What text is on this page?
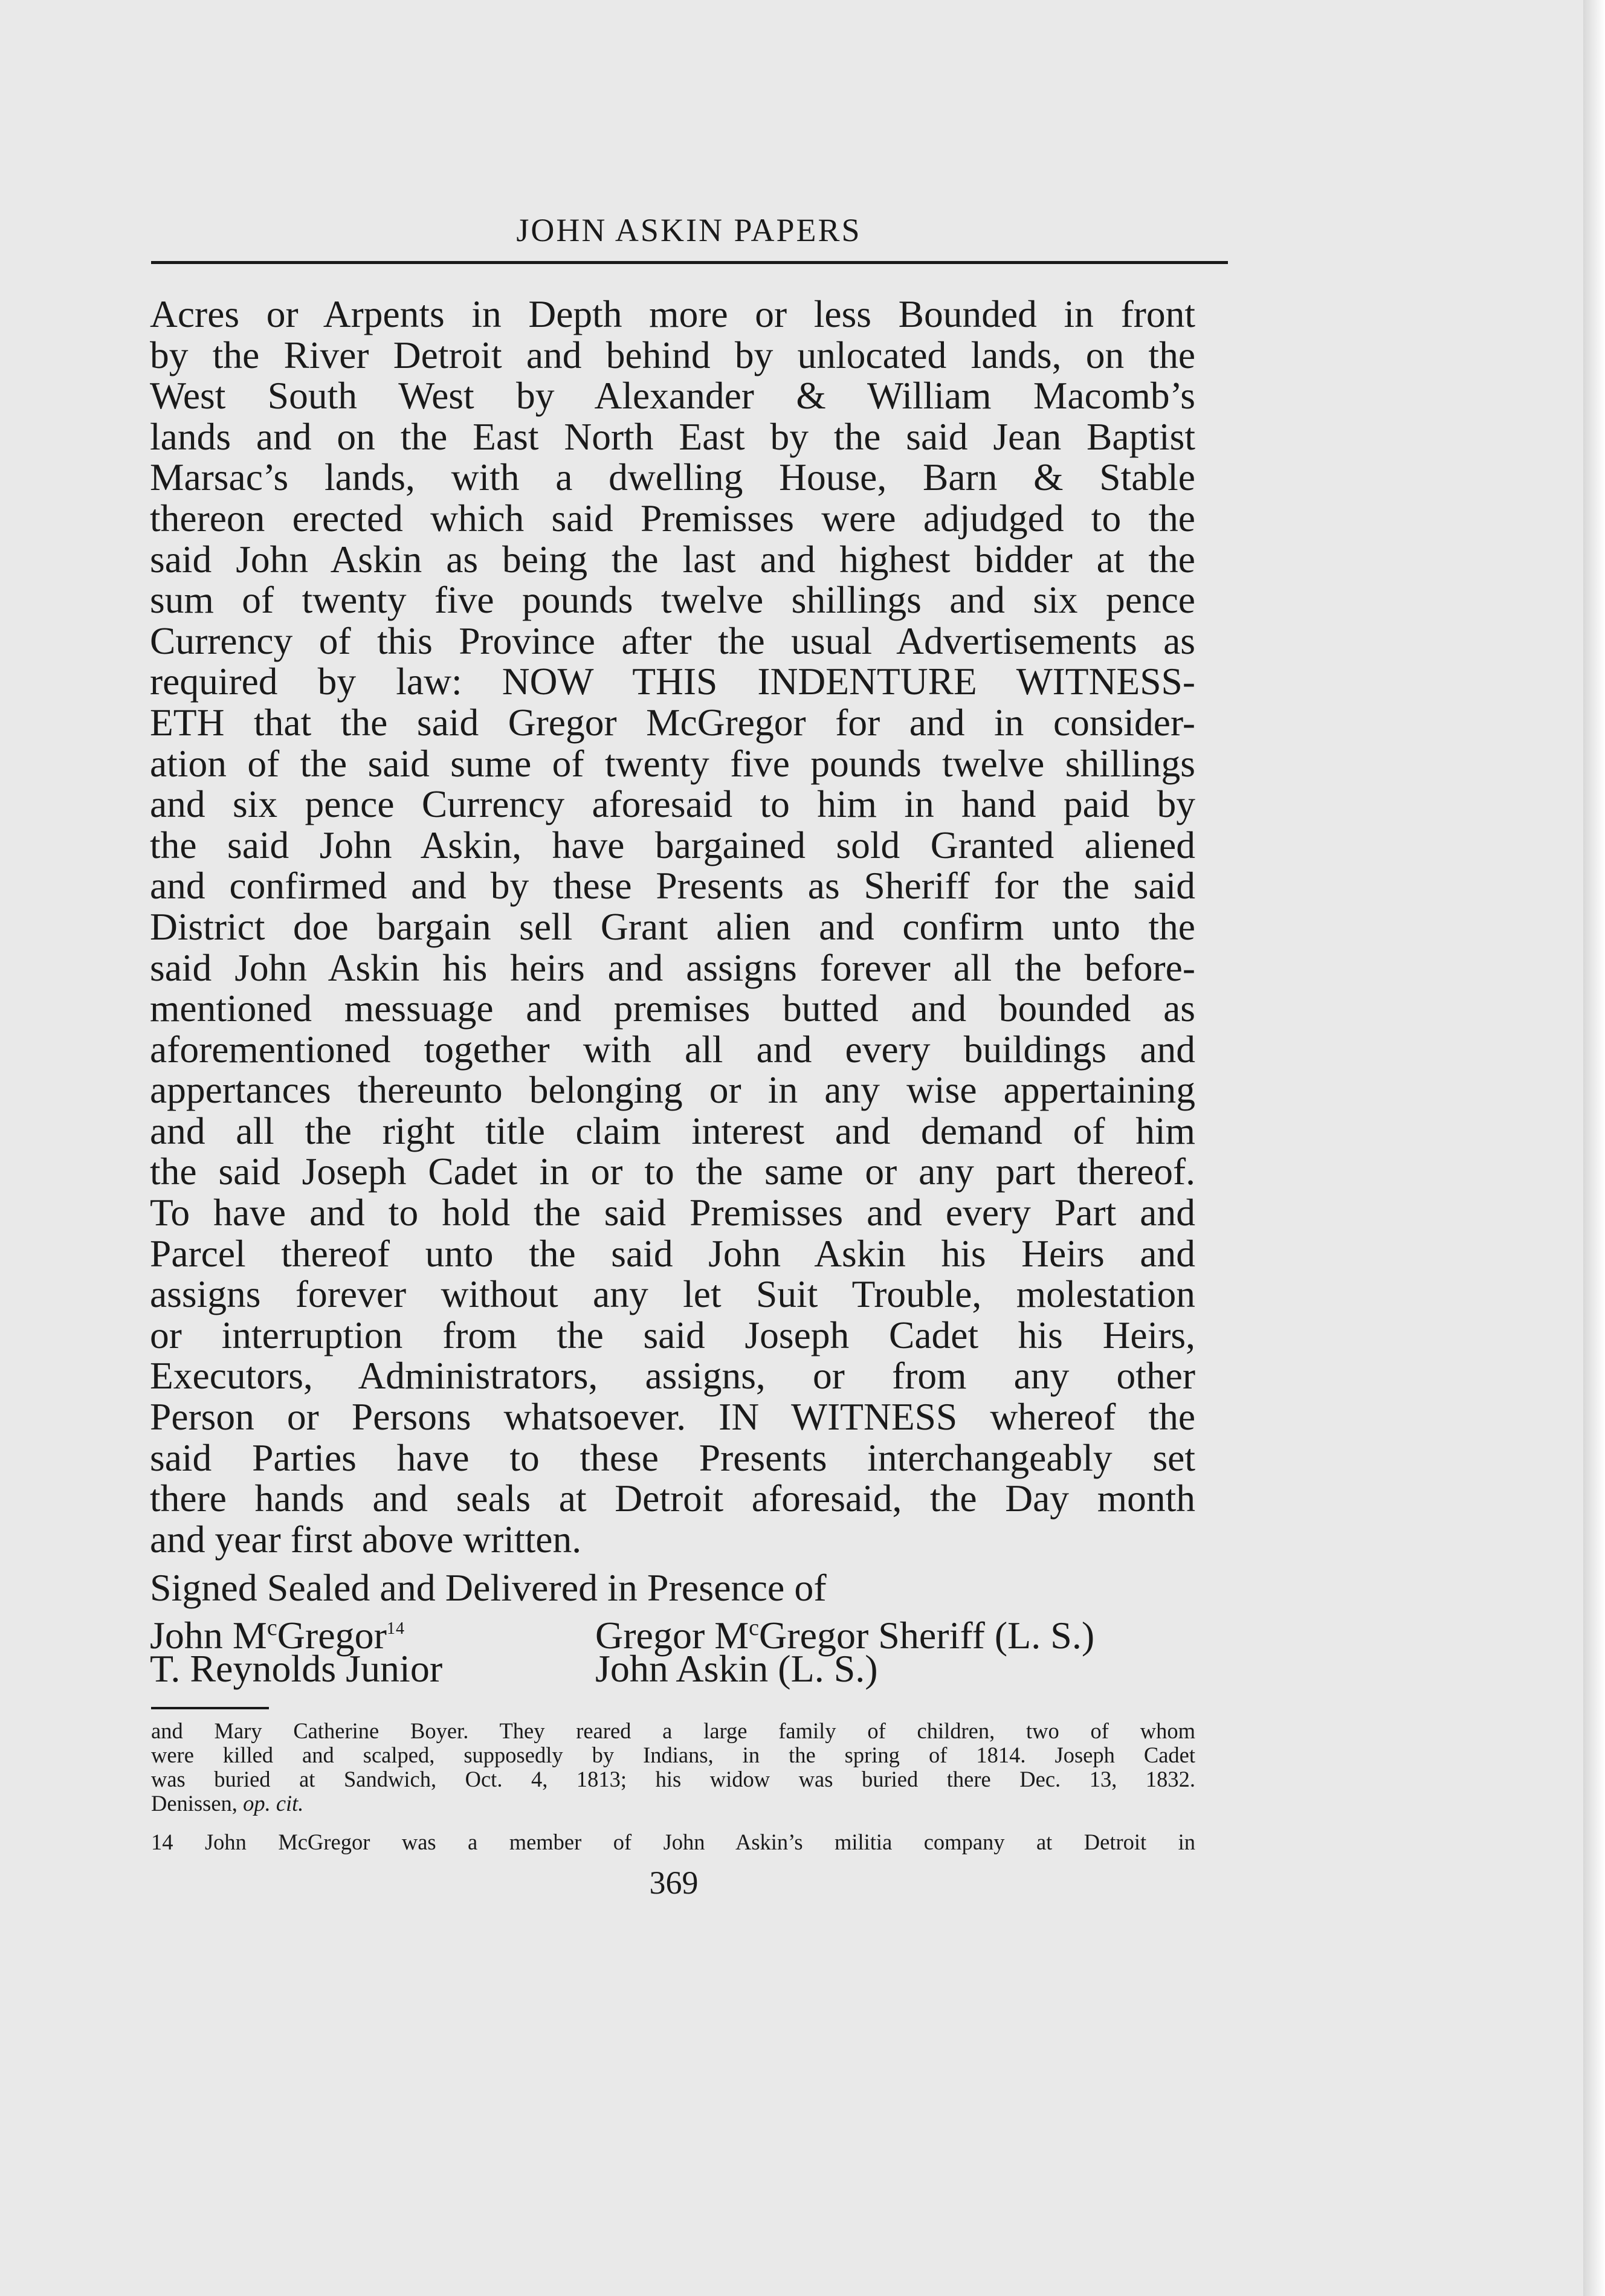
JOHN ASKIN PAPERS
Acres or Arpents in Depth more or less Bounded in front
by the River Detroit and behind by unlocated lands, on the
West South West by Alexander & William Macomb’s
lands and on the East North East by the said Jean Baptist
Marsac’s lands, with a dwelling House, Barn & Stable
thereon erected which said Premisses were adjudged to the
said John Askin as being the last and highest bidder at the
sum of twenty five pounds twelve shillings and six pence
Currency of this Province after the usual Advertisements as
required by law: NOW THIS INDENTURE WITNESS-
ETH that the said Gregor McGregor for and in consider-
ation of the said sume of twenty five pounds twelve shillings
and six pence Currency aforesaid to him in hand paid by
the said John Askin, have bargained sold Granted aliened
and confirmed and by these Presents as Sheriff for the said
District doe bargain sell Grant alien and confirm unto the
said John Askin his heirs and assigns forever all the before-
mentioned messuage and premises butted and bounded as
aforementioned together with all and every buildings and
appertances thereunto belonging or in any wise appertaining
and all the right title claim interest and demand of him
the said Joseph Cadet in or to the same or any part thereof.
To have and to hold the said Premisses and every Part and
Parcel thereof unto the said John Askin his Heirs and
assigns forever without any let Suit Trouble, molestation
or interruption from the said Joseph Cadet his Heirs,
Executors, Administrators, assigns, or from any other
Person or Persons whatsoever. IN WITNESS whereof the
said Parties have to these Presents interchangeably set
there hands and seals at Detroit aforesaid, the Day month
and year first above written.
Signed Sealed and Delivered in Presence of
John $M^cGregor^{14}$	Gregor $M^cGregor$ Sheriff (L. S.)
T. Reynolds Junior	John Askin (L. S.)
and Mary Catherine Boyer. They reared a large family of children, two of whom
were killed and scalped, supposedly by Indians, in the spring of 1814. Joseph Cadet
was buried at Sandwich, Oct. 4, 1813; his widow was buried there Dec. 13, 1832.
Denissen, op. cit.
14 John McGregor was a member of John Askin’s militia company at Detroit in
369
